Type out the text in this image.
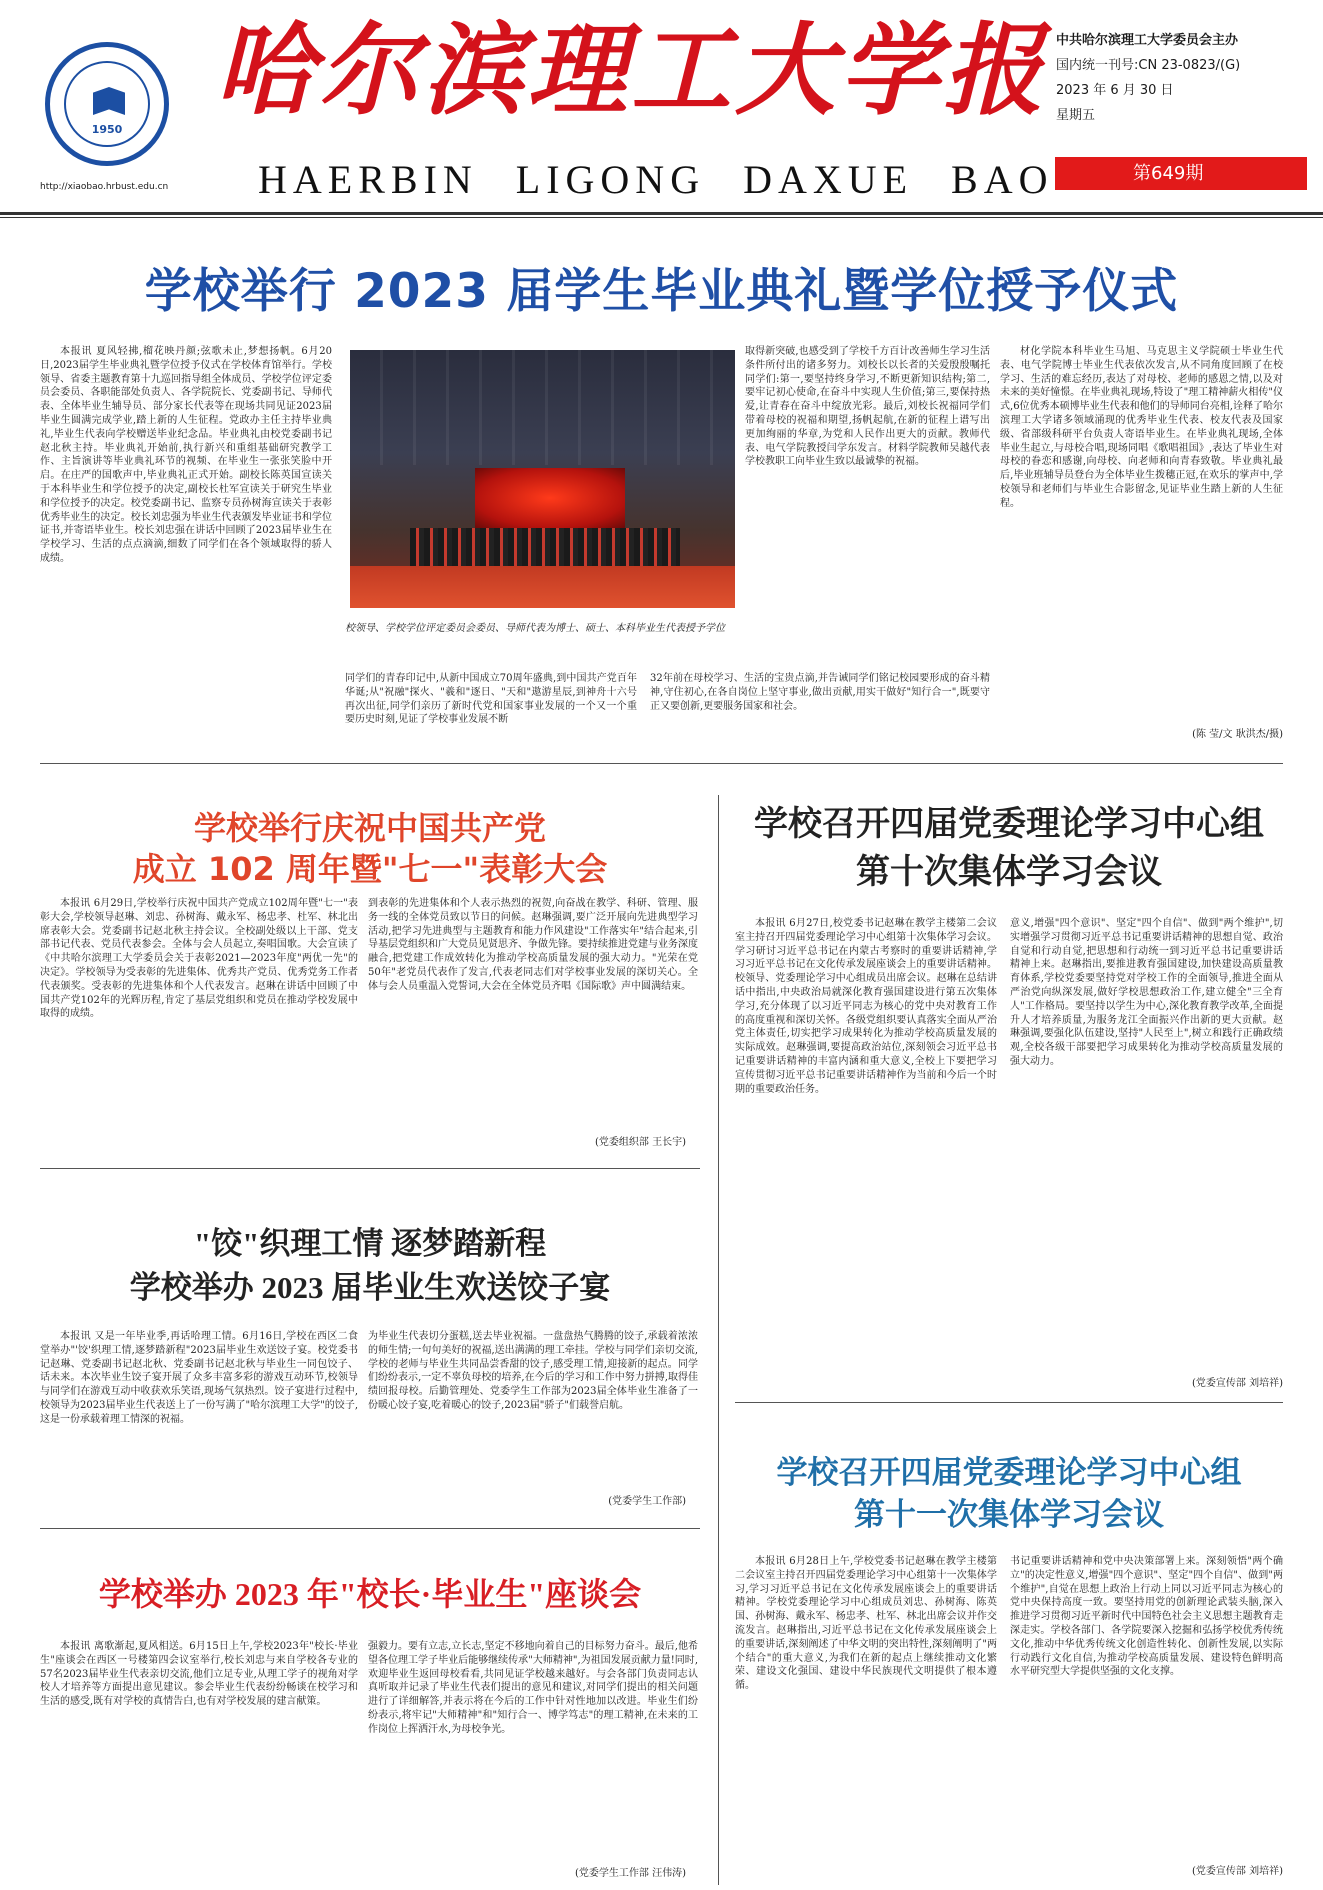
1950
http://xiaobao.hrbust.edu.cn
哈尔滨理工大学报
HAERBIN LIGONG DAXUE BAO
中共哈尔滨理工大学委员会主办
国内统一刊号:CN 23-0823/(G)
2023 年 6 月 30 日
星期五
第649期
学校举行 2023 届学生毕业典礼暨学位授予仪式

本报讯 夏风轻拂,榴花映丹颜;弦歌未止,梦想扬帆。6月20日,2023届学生毕业典礼暨学位授予仪式在学校体育馆举行。学校领导、省委主题教育第十九巡回指导组全体成员、学校学位评定委员会委员、各职能部处负责人、各学院院长、党委副书记、导师代表、全体毕业生辅导员、部分家长代表等在现场共同见证2023届毕业生圆满完成学业,踏上新的人生征程。党政办主任主持毕业典礼,毕业生代表向学校赠送毕业纪念品。毕业典礼由校党委副书记赵北秋主持。毕业典礼开始前,执行新兴和重组基础研究教学工作、主旨演讲等毕业典礼环节的视频、在毕业生一张张笑脸中开启。在庄严的国歌声中,毕业典礼正式开始。副校长陈英国宣读关于本科毕业生和学位授予的决定,副校长杜军宣读关于研究生毕业和学位授予的决定。校党委副书记、监察专员孙树海宣读关于表彰优秀毕业生的决定。校长刘忠强为毕业生代表颁发毕业证书和学位证书,并寄语毕业生。校长刘忠强在讲话中回顾了2023届毕业生在学校学习、生活的点点滴滴,细数了同学们在各个领域取得的骄人成绩。

校领导、学校学位评定委员会委员、导师代表为博士、硕士、本科毕业生代表授予学位

同学们的青春印记中,从新中国成立70周年盛典,到中国共产党百年华诞;从"祝融"探火、"羲和"逐日、"天和"遨游星辰,到神舟十六号再次出征,同学们亲历了新时代党和国家事业发展的一个又一个重要历史时刻,见证了学校事业发展不断

取得新突破,也感受到了学校千方百计改善师生学习生活条件所付出的诸多努力。刘校长以长者的关爱殷殷嘱托同学们:第一,要坚持终身学习,不断更新知识结构;第二,要牢记初心使命,在奋斗中实现人生价值;第三,要保持热爱,让青春在奋斗中绽放光彩。最后,刘校长祝福同学们带着母校的祝福和期望,扬帆起航,在新的征程上谱写出更加绚丽的华章,为党和人民作出更大的贡献。教师代表、电气学院教授闫学东发言。材料学院教师吴越代表学校教职工向毕业生致以最诚挚的祝福。

32年前在母校学习、生活的宝贵点滴,并告诫同学们铭记校园要形成的奋斗精神,守住初心,在各自岗位上坚守事业,做出贡献,用实干做好"知行合一",既要守正又要创新,更要服务国家和社会。

材化学院本科毕业生马旭、马克思主义学院硕士毕业生代表、电气学院博士毕业生代表依次发言,从不同角度回顾了在校学习、生活的难忘经历,表达了对母校、老师的感恩之情,以及对未来的美好憧憬。在毕业典礼现场,特设了"理工精神薪火相传"仪式,6位优秀本硕博毕业生代表和他们的导师同台亮相,诠释了哈尔滨理工大学诸多领域涌现的优秀毕业生代表、校友代表及国家级、省部级科研平台负责人寄语毕业生。在毕业典礼现场,全体毕业生起立,与母校合唱,现场同唱《歌唱祖国》,表达了毕业生对母校的眷恋和感谢,向母校、向老师和向青春致敬。毕业典礼最后,毕业班辅导员登台为全体毕业生拨穗正冠,在欢乐的掌声中,学校领导和老师们与毕业生合影留念,见证毕业生踏上新的人生征程。

(陈 莹/文 耿洪杰/摄)
学校举行庆祝中国共产党
成立 102 周年暨"七一"表彰大会

本报讯 6月29日,学校举行庆祝中国共产党成立102周年暨"七一"表彰大会,学校领导赵琳、刘忠、孙树海、戴永军、杨忠孝、杜军、林北出席表彰大会。党委副书记赵北秋主持会议。全校副处级以上干部、党支部书记代表、党员代表参会。全体与会人员起立,奏唱国歌。大会宣读了《中共哈尔滨理工大学委员会关于表彰2021—2023年度"两优一先"的决定》。学校领导为受表彰的先进集体、优秀共产党员、优秀党务工作者代表颁奖。受表彰的先进集体和个人代表发言。赵琳在讲话中回顾了中国共产党102年的光辉历程,肯定了基层党组织和党员在推动学校发展中取得的成绩。

到表彰的先进集体和个人表示热烈的祝贺,向奋战在教学、科研、管理、服务一线的全体党员致以节日的问候。赵琳强调,要广泛开展向先进典型学习活动,把学习先进典型与主题教育和能力作风建设"工作落实年"结合起来,引导基层党组织和广大党员见贤思齐、争做先锋。要持续推进党建与业务深度融合,把党建工作成效转化为推动学校高质量发展的强大动力。"光荣在党50年"老党员代表作了发言,代表老同志们对学校事业发展的深切关心。全体与会人员重温入党誓词,大会在全体党员齐唱《国际歌》声中圆满结束。

(党委组织部 王长宇)
"饺"织理工情 逐梦踏新程
学校举办 2023 届毕业生欢送饺子宴

本报讯 又是一年毕业季,再话哈理工情。6月16日,学校在西区二食堂举办"'饺'织理工情,逐梦踏新程"2023届毕业生欢送饺子宴。校党委书记赵琳、党委副书记赵北秋、党委副书记赵北秋与毕业生一同包饺子、话未来。本次毕业生饺子宴开展了众多丰富多彩的游戏互动环节,校领导与同学们在游戏互动中收获欢乐笑语,现场气氛热烈。饺子宴进行过程中,校领导为2023届毕业生代表送上了一份写满了"哈尔滨理工大学"的饺子,这是一份承载着理工情深的祝福。

为毕业生代表切分蛋糕,送去毕业祝福。一盘盘热气腾腾的饺子,承载着浓浓的师生情;一句句美好的祝福,送出满满的理工牵挂。学校与同学们亲切交流,学校的老师与毕业生共同品尝香甜的饺子,感受理工情,迎接新的起点。同学们纷纷表示,一定不辜负母校的培养,在今后的学习和工作中努力拼搏,取得佳绩回报母校。后勤管理处、党委学生工作部为2023届全体毕业生准备了一份暖心饺子宴,吃着暖心的饺子,2023届"骄子"们载誉启航。

(党委学生工作部)
学校举办 2023 年"校长·毕业生"座谈会

本报讯 离歌渐起,夏风相送。6月15日上午,学校2023年"校长·毕业生"座谈会在西区一号楼第四会议室举行,校长刘忠与来自学校各专业的57名2023届毕业生代表亲切交流,他们立足专业,从理工学子的视角对学校人才培养等方面提出意见建议。参会毕业生代表纷纷畅谈在校学习和生活的感受,既有对学校的真情告白,也有对学校发展的建言献策。

强毅力。要有立志,立长志,坚定不移地向着自己的目标努力奋斗。最后,他希望各位理工学子毕业后能够继续传承"大师精神",为祖国发展贡献力量!同时,欢迎毕业生返回母校看看,共同见证学校越来越好。与会各部门负责同志认真听取并记录了毕业生代表们提出的意见和建议,对同学们提出的相关问题进行了详细解答,并表示将在今后的工作中针对性地加以改进。毕业生们纷纷表示,将牢记"大师精神"和"知行合一、博学笃志"的理工精神,在未来的工作岗位上挥洒汗水,为母校争光。

(党委学生工作部 汪伟涛)
学校召开四届党委理论学习中心组
第十次集体学习会议

本报讯 6月27日,校党委书记赵琳在教学主楼第二会议室主持召开四届党委理论学习中心组第十次集体学习会议。学习研讨习近平总书记在内蒙古考察时的重要讲话精神,学习习近平总书记在文化传承发展座谈会上的重要讲话精神。校领导、党委理论学习中心组成员出席会议。赵琳在总结讲话中指出,中央政治局就深化教育强国建设进行第五次集体学习,充分体现了以习近平同志为核心的党中央对教育工作的高度重视和深切关怀。各级党组织要认真落实全面从严治党主体责任,切实把学习成果转化为推动学校高质量发展的实际成效。赵琳强调,要提高政治站位,深刻领会习近平总书记重要讲话精神的丰富内涵和重大意义,全校上下要把学习宣传贯彻习近平总书记重要讲话精神作为当前和今后一个时期的重要政治任务。

意义,增强"四个意识"、坚定"四个自信"、做到"两个维护",切实增强学习贯彻习近平总书记重要讲话精神的思想自觉、政治自觉和行动自觉,把思想和行动统一到习近平总书记重要讲话精神上来。赵琳指出,要推进教育强国建设,加快建设高质量教育体系,学校党委要坚持党对学校工作的全面领导,推进全面从严治党向纵深发展,做好学校思想政治工作,建立健全"三全育人"工作格局。要坚持以学生为中心,深化教育教学改革,全面提升人才培养质量,为服务龙江全面振兴作出新的更大贡献。赵琳强调,要强化队伍建设,坚持"人民至上",树立和践行正确政绩观,全校各级干部要把学习成果转化为推动学校高质量发展的强大动力。

(党委宣传部 刘培祥)
学校召开四届党委理论学习中心组
第十一次集体学习会议

本报讯 6月28日上午,学校党委书记赵琳在教学主楼第二会议室主持召开四届党委理论学习中心组第十一次集体学习,学习习近平总书记在文化传承发展座谈会上的重要讲话精神。学校党委理论学习中心组成员刘忠、孙树海、陈英国、孙树海、戴永军、杨忠孝、杜军、林北出席会议并作交流发言。赵琳指出,习近平总书记在文化传承发展座谈会上的重要讲话,深刻阐述了中华文明的突出特性,深刻阐明了"两个结合"的重大意义,为我们在新的起点上继续推动文化繁荣、建设文化强国、建设中华民族现代文明提供了根本遵循。

书记重要讲话精神和党中央决策部署上来。深刻领悟"两个确立"的决定性意义,增强"四个意识"、坚定"四个自信"、做到"两个维护",自觉在思想上政治上行动上同以习近平同志为核心的党中央保持高度一致。要坚持用党的创新理论武装头脑,深入推进学习贯彻习近平新时代中国特色社会主义思想主题教育走深走实。学校各部门、各学院要深入挖掘和弘扬学校优秀传统文化,推动中华优秀传统文化创造性转化、创新性发展,以实际行动践行文化自信,为推动学校高质量发展、建设特色鲜明高水平研究型大学提供坚强的文化支撑。

(党委宣传部 刘培祥)
